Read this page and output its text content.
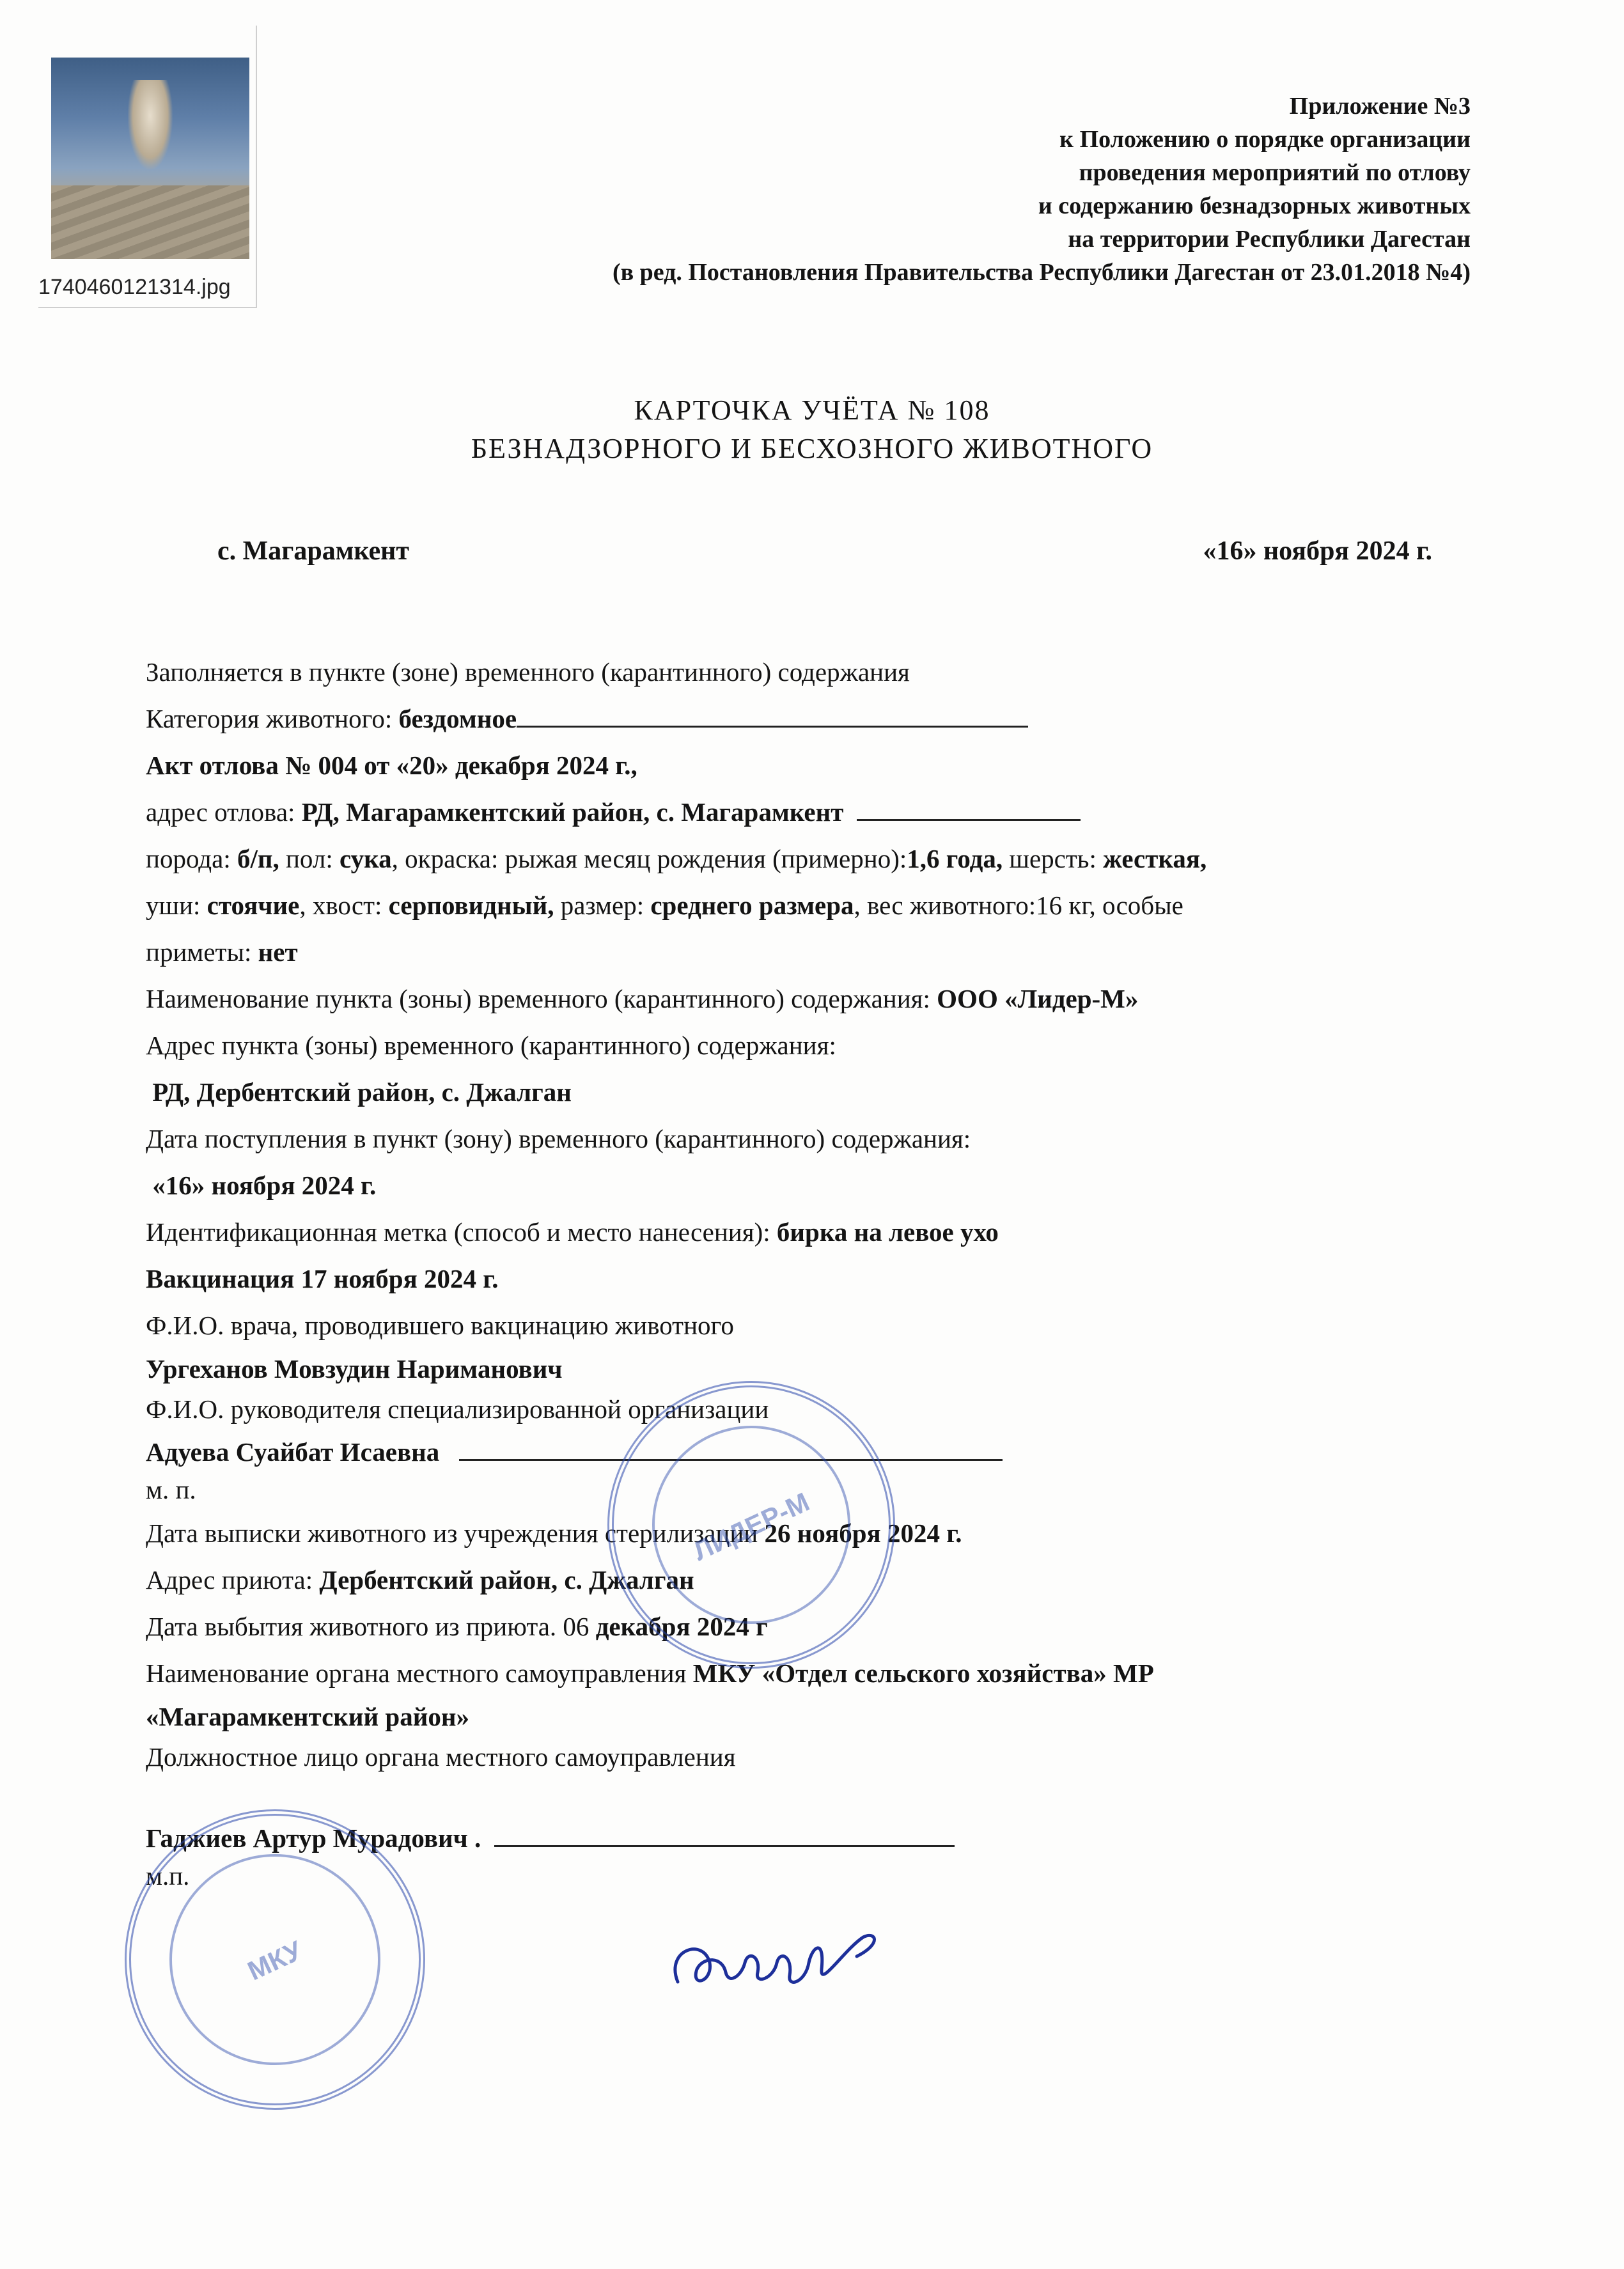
1740460121314.jpg
Приложение №3
к Положению о порядке организации
проведения мероприятий по отлову
и содержанию безнадзорных животных
на территории Республики Дагестан
(в ред. Постановления Правительства Республики Дагестан от 23.01.2018 №4)
КАРТОЧКА УЧЁТА № 108
БЕЗНАДЗОРНОГО И БЕСХОЗНОГО ЖИВОТНОГО
с. Магарамкент	«16» ноября 2024 г.
Заполняется в пункте (зоне) временного (карантинного) содержания
Категория животного: бездомное
Акт отлова № 004 от «20» декабря 2024 г.,
адрес отлова: РД, Магарамкентский район, с. Магарамкент
порода: б/п, пол: сука, окраска: рыжая месяц рождения (примерно):1,6 года, шерсть: жесткая,
уши: стоячие, хвост: серповидный, размер: среднего размера, вес животного:16 кг, особые
приметы: нет
Наименование пункта (зоны) временного (карантинного) содержания: ООО «Лидер-М»
Адрес пункта (зоны) временного (карантинного) содержания:
РД, Дербентский район, с. Джалган
Дата поступления в пункт (зону) временного (карантинного) содержания:
«16» ноября 2024 г.
Идентификационная метка (способ и место нанесения): бирка на левое ухо
Вакцинация 17 ноября 2024 г.
Ф.И.О. врача, проводившего вакцинацию животного
Ургеханов Мовзудин Нариманович
Ф.И.О. руководителя специализированной организации
Адуева Суайбат Исаевна
м. п.
Дата выписки животного из учреждения стерилизации 26 ноября 2024 г.
Адрес приюта: Дербентский район, с. Джалган
Дата выбытия животного из приюта. 06 декабря 2024 г
Наименование органа местного самоуправления МКУ «Отдел сельского хозяйства» МР
«Магарамкентский район»
Должностное лицо органа местного самоуправления
Гаджиев Артур Мурадович .
м.п.
ЛИДЕР-М
МКУ
